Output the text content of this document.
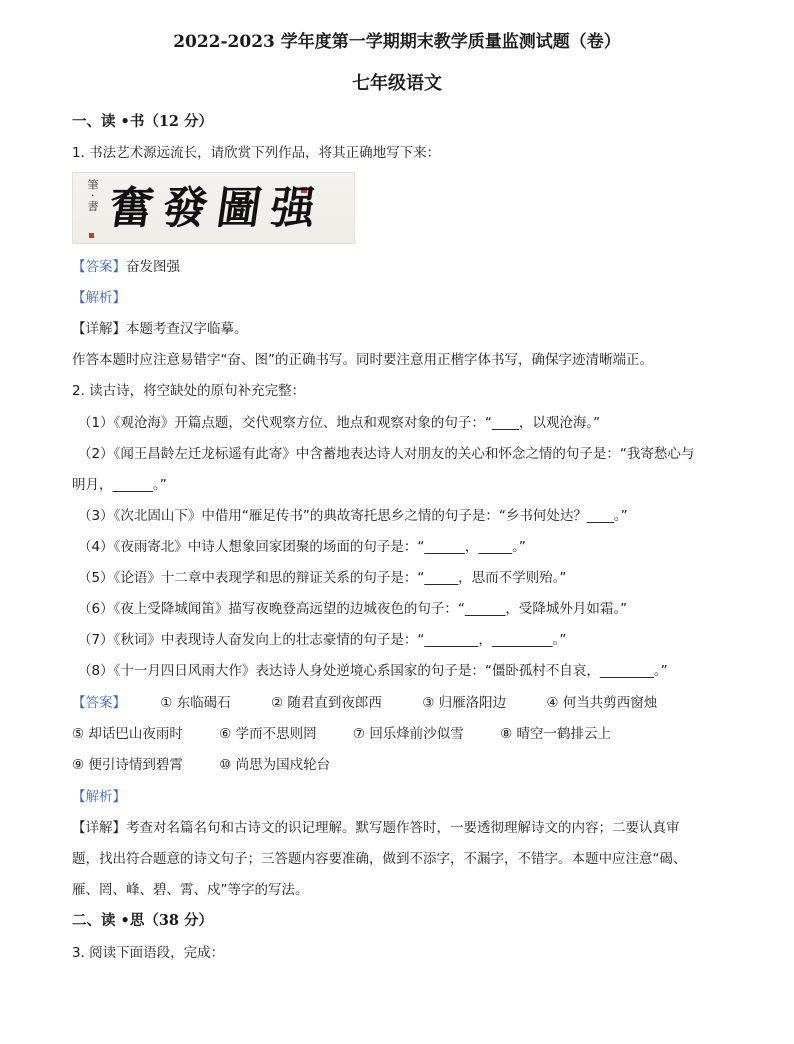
2022-2023 学年度第一学期期末教学质量监测试题（卷）
七年级语文
一、读 •书（12 分）
1. 书法艺术源远流长，请欣赏下列作品，将其正确地写下来：
筆 · 書 奮發圖强
【答案】奋发图强
【解析】
【详解】本题考查汉字临摹。
作答本题时应注意易错字“奋、图”的正确书写。同时要注意用正楷字体书写，确保字迹清晰端正。
2. 读古诗，将空缺处的原句补充完整：
（1）《观沧海》开篇点题，交代观察方位、地点和观察对象的句子：“____，以观沧海。”
（2）《闻王昌龄左迁龙标遥有此寄》中含蓄地表达诗人对朋友的关心和怀念之情的句子是：“我寄愁心与
明月，______。”
（3）《次北固山下》中借用“雁足传书”的典故寄托思乡之情的句子是：“乡书何处达？____。”
（4）《夜雨寄北》中诗人想象回家团聚的场面的句子是：“______，_____。”
（5）《论语》十二章中表现学和思的辩证关系的句子是：“_____，思而不学则殆。”
（6）《夜上受降城闻笛》描写夜晚登高远望的边城夜色的句子：“______，受降城外月如霜。”
（7）《秋词》中表现诗人奋发向上的壮志豪情的句子是：“________，_________。”
（8）《十一月四日风雨大作》表达诗人身处逆境心系国家的句子是：“僵卧孤村不自哀，________。”
【答案】	① 东临碣石	② 随君直到夜郎西	③ 归雁洛阳边	④ 何当共剪西窗烛
⑤ 却话巴山夜雨时	⑥ 学而不思则罔	⑦ 回乐烽前沙似雪	⑧ 晴空一鹤排云上
⑨ 便引诗情到碧霄	⑩ 尚思为国戍轮台
【解析】
【详解】考查对名篇名句和古诗文的识记理解。默写题作答时，一要透彻理解诗文的内容；二要认真审
题，找出符合题意的诗文句子；三答题内容要准确，做到不添字，不漏字，不错字。本题中应注意“碣、
雁、罔、峰、碧、霄、戍”等字的写法。
二、读 •思（38 分）
3. 阅读下面语段，完成：
